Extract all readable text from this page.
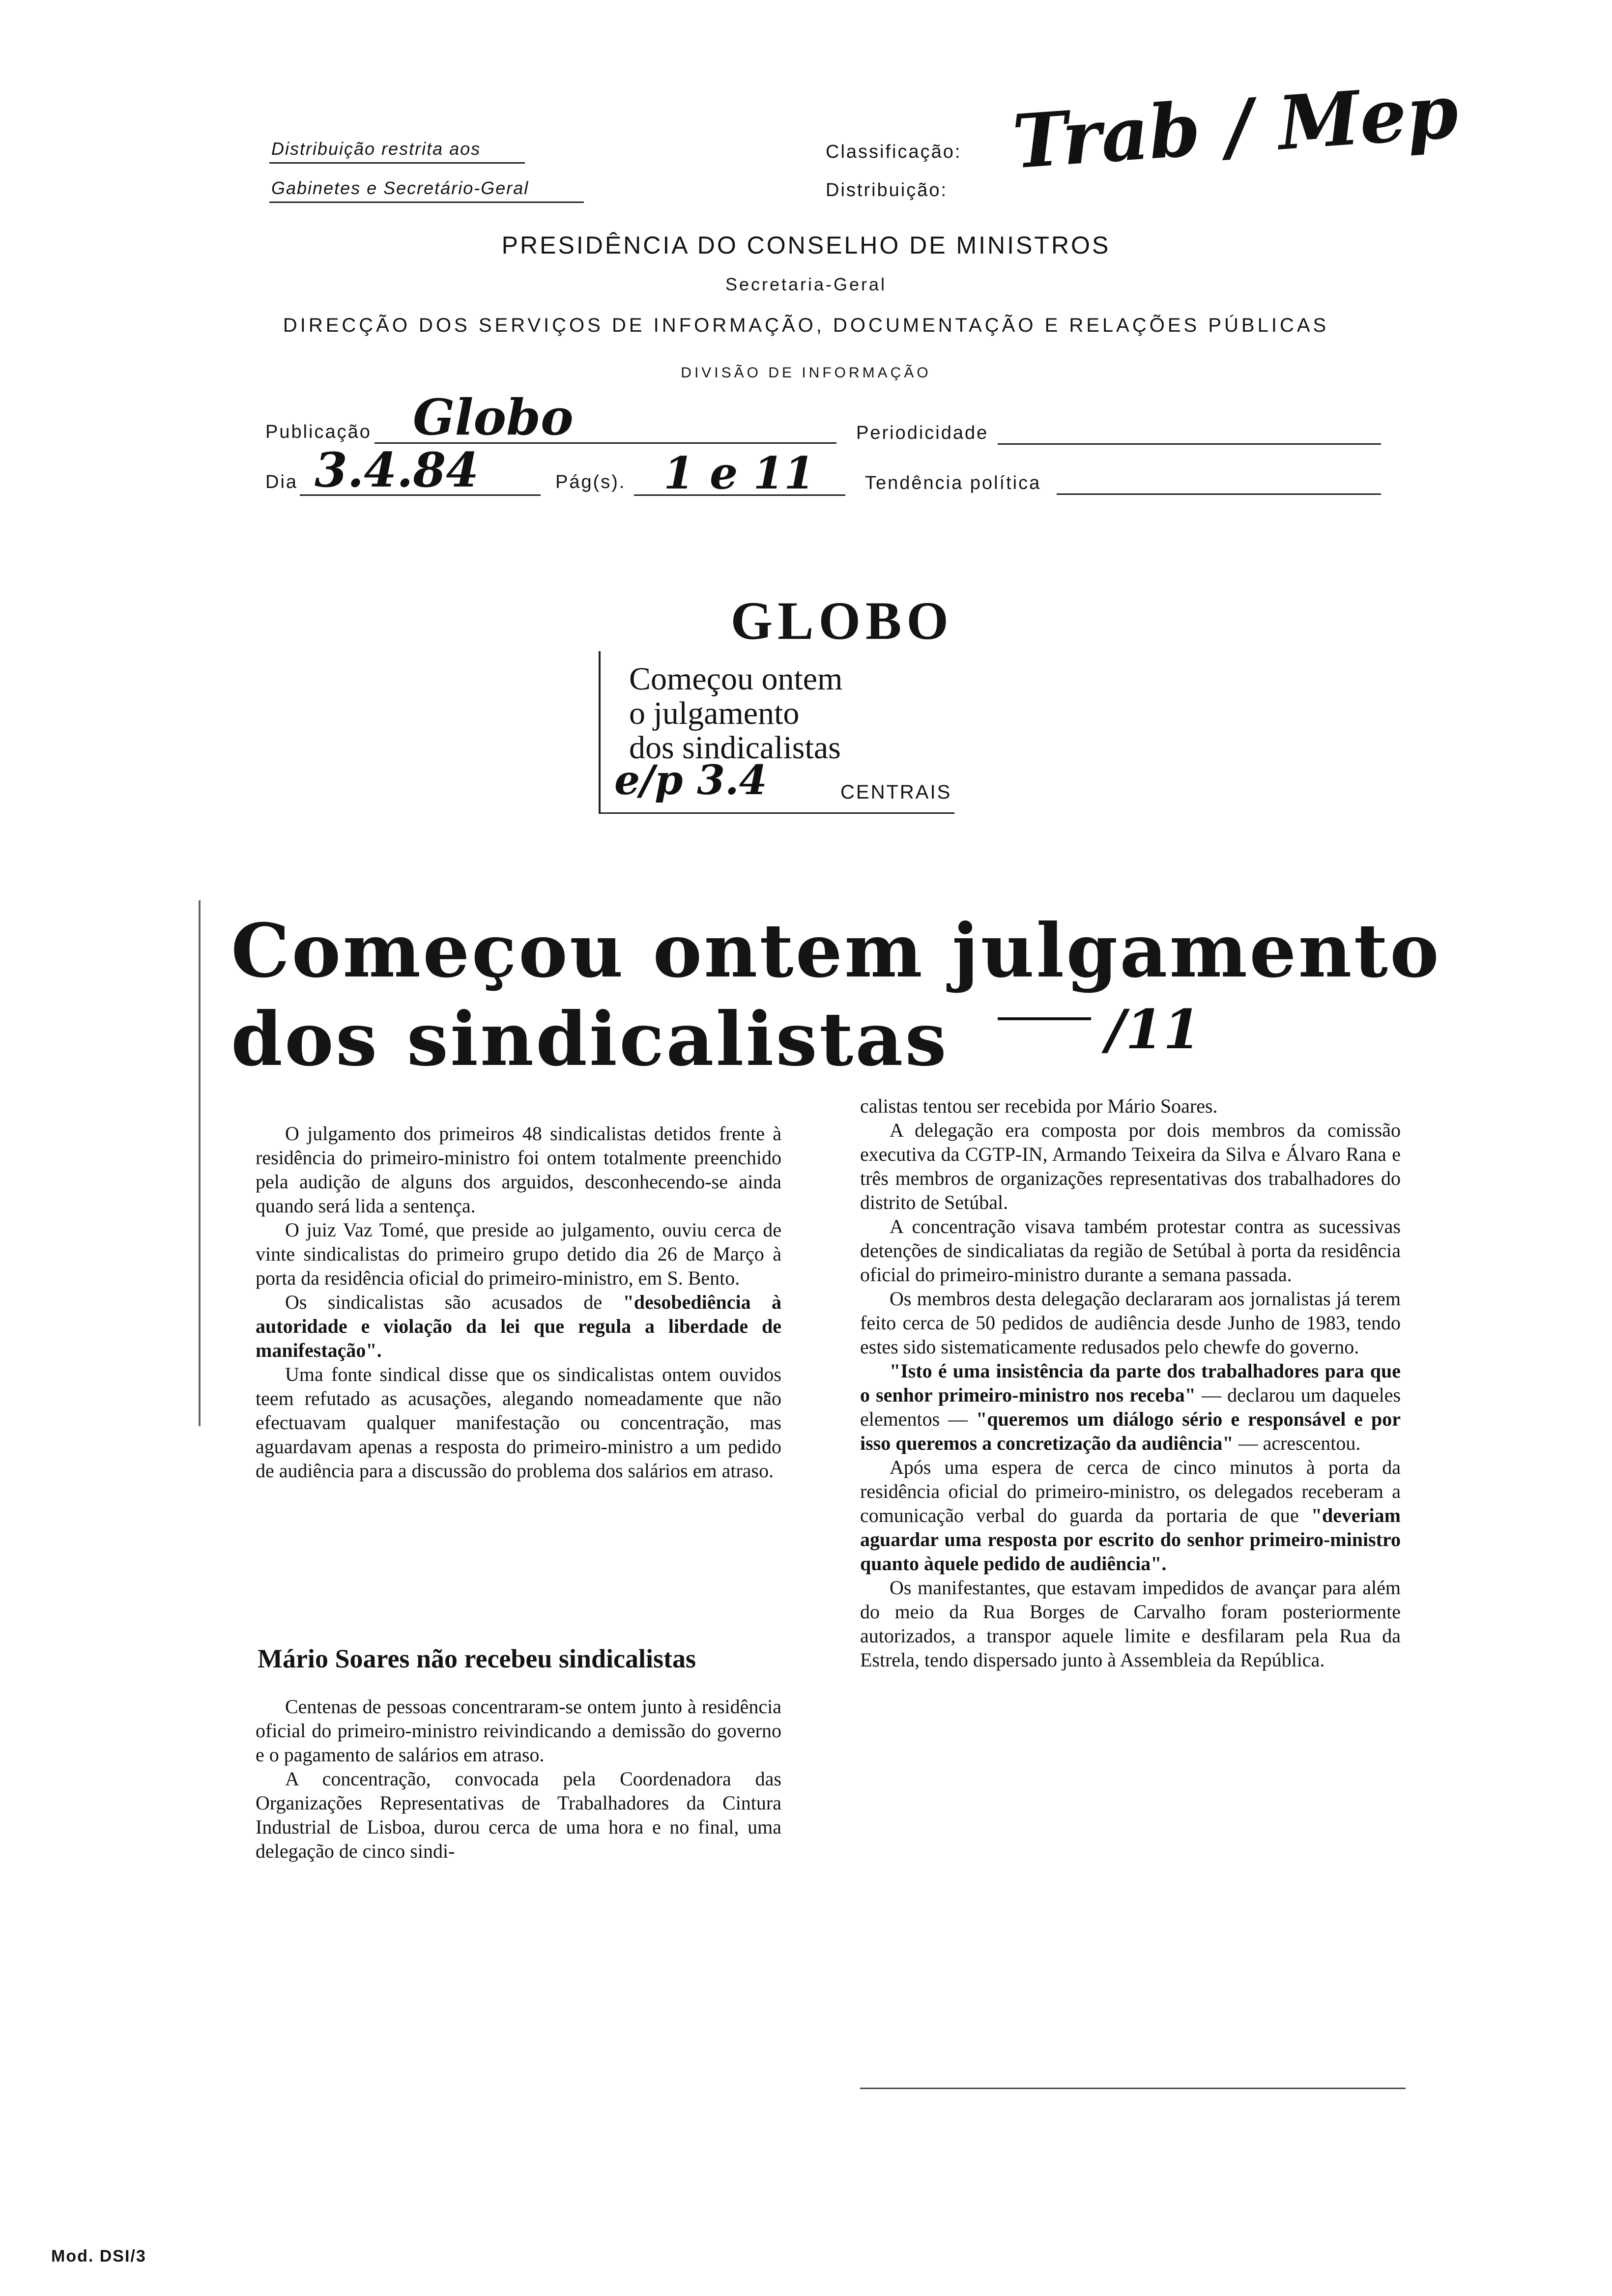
Distribuição restrita aos
Gabinetes e Secretário-Geral
Classificação:
Distribuição:
Trab / Mep
PRESIDÊNCIA DO CONSELHO DE MINISTROS
Secretaria-Geral
DIRECÇÃO DOS SERVIÇOS DE INFORMAÇÃO, DOCUMENTAÇÃO E RELAÇÕES PÚBLICAS
DIVISÃO DE INFORMAÇÃO
Publicação Globo	Periodicidade
Dia 3.4.84	Pág(s). 1 e 11	Tendência política
GLOBO
Começou ontem
o julgamento
dos sindicalistas
e/p 3.4	CENTRAIS
Começou ontem julgamento
dos sindicalistas	/11

O julgamento dos primeiros 48 sindicalistas detidos frente à residência do primeiro-ministro foi ontem totalmente preenchido pela audição de alguns dos arguidos, desconhecendo-se ainda quando será lida a sentença.

O juiz Vaz Tomé, que preside ao julgamento, ouviu cerca de vinte sindicalistas do primeiro grupo detido dia 26 de Março à porta da residência oficial do primeiro-ministro, em S. Bento.

Os sindicalistas são acusados de "desobediência à autoridade e violação da lei que regula a liberdade de manifestação".

Uma fonte sindical disse que os sindicalistas ontem ouvidos teem refutado as acusações, alegando nomeadamente que não efectuavam qualquer manifestação ou concentração, mas aguardavam apenas a resposta do primeiro-ministro a um pedido de audiência para a discussão do problema dos salários em atraso.

Mário Soares não recebeu sindicalistas

Centenas de pessoas concentraram-se ontem junto à residência oficial do primeiro-ministro reivindicando a demissão do governo e o pagamento de salários em atraso.

A concentração, convocada pela Coordenadora das Organizações Representativas de Trabalhadores da Cintura Industrial de Lisboa, durou cerca de uma hora e no final, uma delegação de cinco sindi-

calistas tentou ser recebida por Mário Soares.

A delegação era composta por dois membros da comissão executiva da CGTP-IN, Armando Teixeira da Silva e Álvaro Rana e três membros de organizações representativas dos trabalhadores do distrito de Setúbal.

A concentração visava também protestar contra as sucessivas detenções de sindicaliatas da região de Setúbal à porta da residência oficial do primeiro-ministro durante a semana passada.

Os membros desta delegação declararam aos jornalistas já terem feito cerca de 50 pedidos de audiência desde Junho de 1983, tendo estes sido sistematicamente redusados pelo chewfe do governo.

"Isto é uma insistência da parte dos trabalhadores para que o senhor primeiro-ministro nos receba" — declarou um daqueles elementos — "queremos um diálogo sério e responsável e por isso queremos a concretização da audiência" — acrescentou.

Após uma espera de cerca de cinco minutos à porta da residência oficial do primeiro-ministro, os delegados receberam a comunicação verbal do guarda da portaria de que "deveriam aguardar uma resposta por escrito do senhor primeiro-ministro quanto àquele pedido de audiência".

Os manifestantes, que estavam impedidos de avançar para além do meio da Rua Borges de Carvalho foram posteriormente autorizados, a transpor aquele limite e desfilaram pela Rua da Estrela, tendo dispersado junto à Assembleia da República.

Mod. DSI/3
